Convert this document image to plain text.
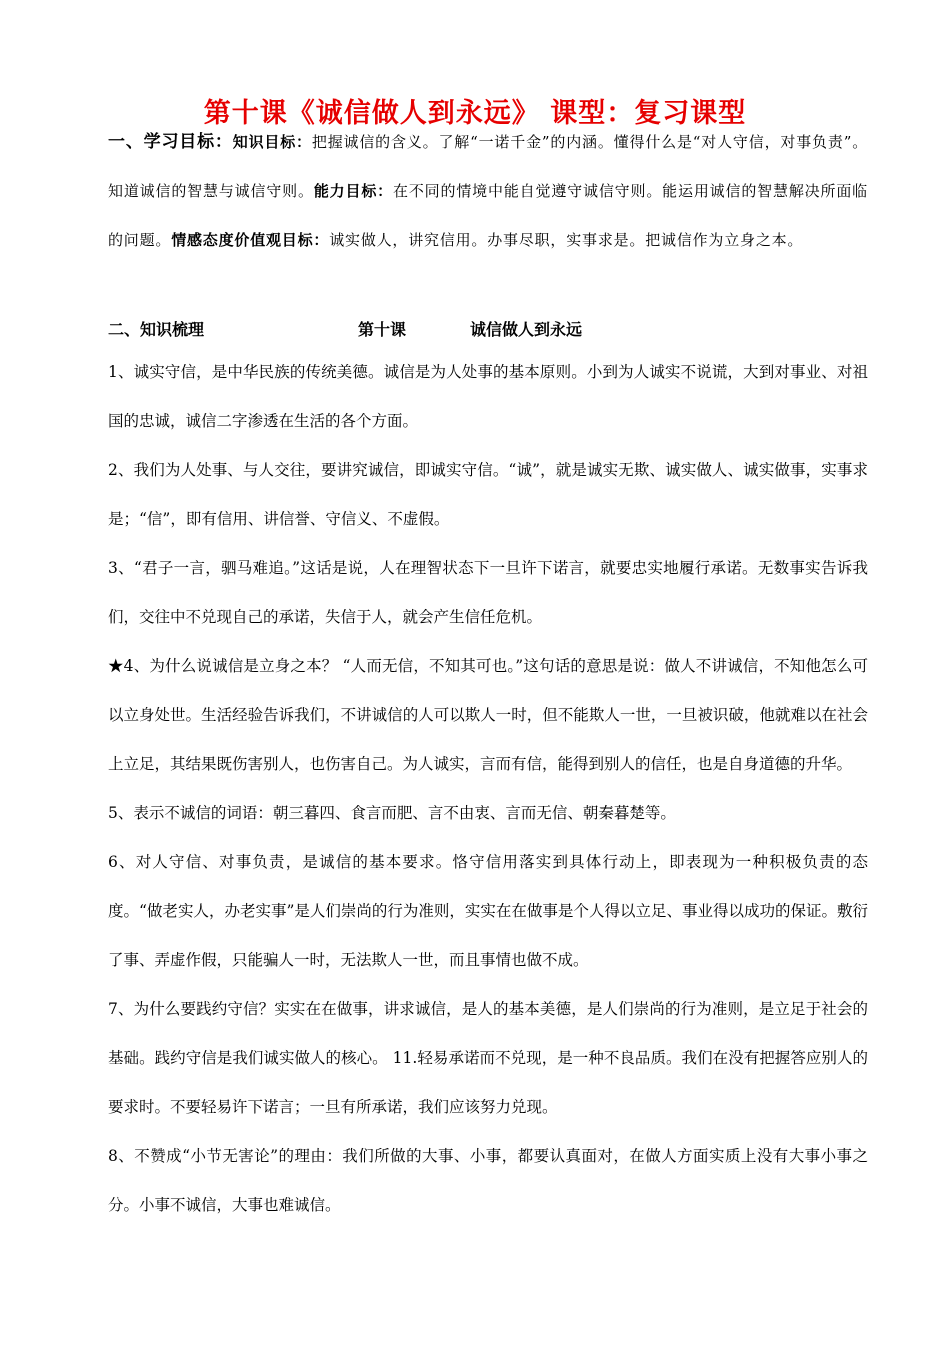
第十课《诚信做人到永远》 课型：复习课型
一、学习目标：知识目标：把握诚信的含义。了解“一诺千金”的内涵。懂得什么是“对人守信，对事负责”。知道诚信的智慧与诚信守则。能力目标：在不同的情境中能自觉遵守诚信守则。能运用诚信的智慧解决所面临的问题。情感态度价值观目标：诚实做人，讲究信用。办事尽职，实事求是。把诚信作为立身之本。
二、知识梳理	第十课	诚信做人到永远
1、诚实守信，是中华民族的传统美德。诚信是为人处事的基本原则。小到为人诚实不说谎，大到对事业、对祖国的忠诚，诚信二字渗透在生活的各个方面。
2、我们为人处事、与人交往，要讲究诚信，即诚实守信。“诚”，就是诚实无欺、诚实做人、诚实做事，实事求是；“信”，即有信用、讲信誉、守信义、不虚假。
3、“君子一言，驷马难追。”这话是说，人在理智状态下一旦许下诺言，就要忠实地履行承诺。无数事实告诉我们，交往中不兑现自己的承诺，失信于人，就会产生信任危机。
★4、为什么说诚信是立身之本？ “人而无信，不知其可也。”这句话的意思是说：做人不讲诚信，不知他怎么可以立身处世。生活经验告诉我们，不讲诚信的人可以欺人一时，但不能欺人一世，一旦被识破，他就难以在社会上立足，其结果既伤害别人，也伤害自己。为人诚实，言而有信，能得到别人的信任，也是自身道德的升华。
5、表示不诚信的词语：朝三暮四、食言而肥、言不由衷、言而无信、朝秦暮楚等。
6、对人守信、对事负责，是诚信的基本要求。恪守信用落实到具体行动上，即表现为一种积极负责的态度。“做老实人，办老实事”是人们崇尚的行为准则，实实在在做事是个人得以立足、事业得以成功的保证。敷衍了事、弄虚作假，只能骗人一时，无法欺人一世，而且事情也做不成。
7、为什么要践约守信？实实在在做事，讲求诚信，是人的基本美德，是人们崇尚的行为准则，是立足于社会的基础。践约守信是我们诚实做人的核心。 11.轻易承诺而不兑现，是一种不良品质。我们在没有把握答应别人的要求时。不要轻易许下诺言；一旦有所承诺，我们应该努力兑现。
8、不赞成“小节无害论”的理由：我们所做的大事、小事，都要认真面对，在做人方面实质上没有大事小事之分。小事不诚信，大事也难诚信。
